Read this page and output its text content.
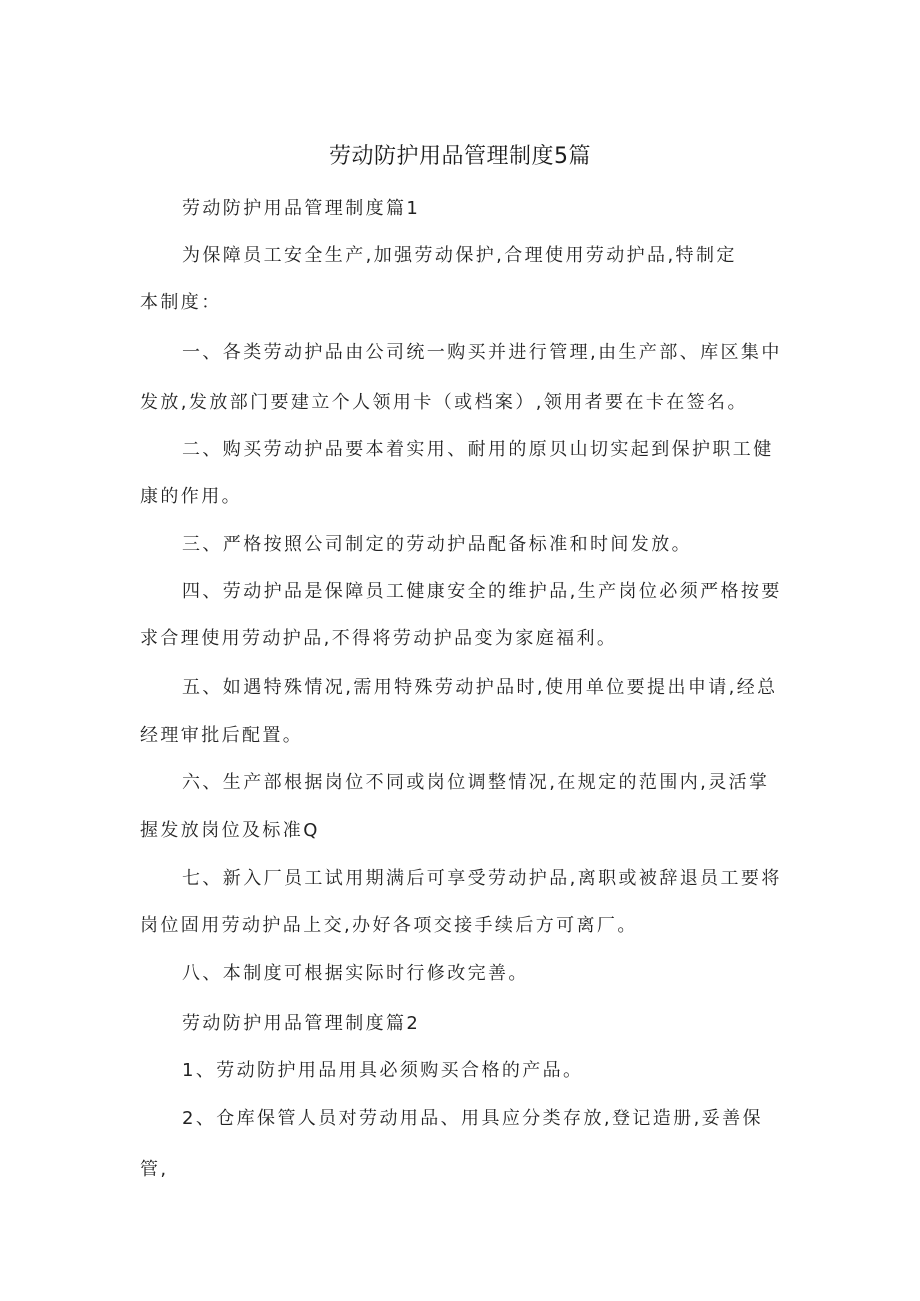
劳动防护用品管理制度5篇
劳动防护用品管理制度篇1
为保障员工安全生产,加强劳动保护,合理使用劳动护品,特制定
本制度：
一、各类劳动护品由公司统一购买并进行管理,由生产部、库区集中
发放,发放部门要建立个人领用卡（或档案）,领用者要在卡在签名。
二、购买劳动护品要本着实用、耐用的原贝山切实起到保护职工健
康的作用。
三、严格按照公司制定的劳动护品配备标准和时间发放。
四、劳动护品是保障员工健康安全的维护品,生产岗位必须严格按要
求合理使用劳动护品,不得将劳动护品变为家庭福利。
五、如遇特殊情况,需用特殊劳动护品时,使用单位要提出申请,经总
经理审批后配置。
六、生产部根据岗位不同或岗位调整情况,在规定的范围内,灵活掌
握发放岗位及标准Q
七、新入厂员工试用期满后可享受劳动护品,离职或被辞退员工要将
岗位固用劳动护品上交,办好各项交接手续后方可离厂。
八、本制度可根据实际时行修改完善。
劳动防护用品管理制度篇2
1、劳动防护用品用具必须购买合格的产品。
2、仓库保管人员对劳动用品、用具应分类存放,登记造册,妥善保
管,
